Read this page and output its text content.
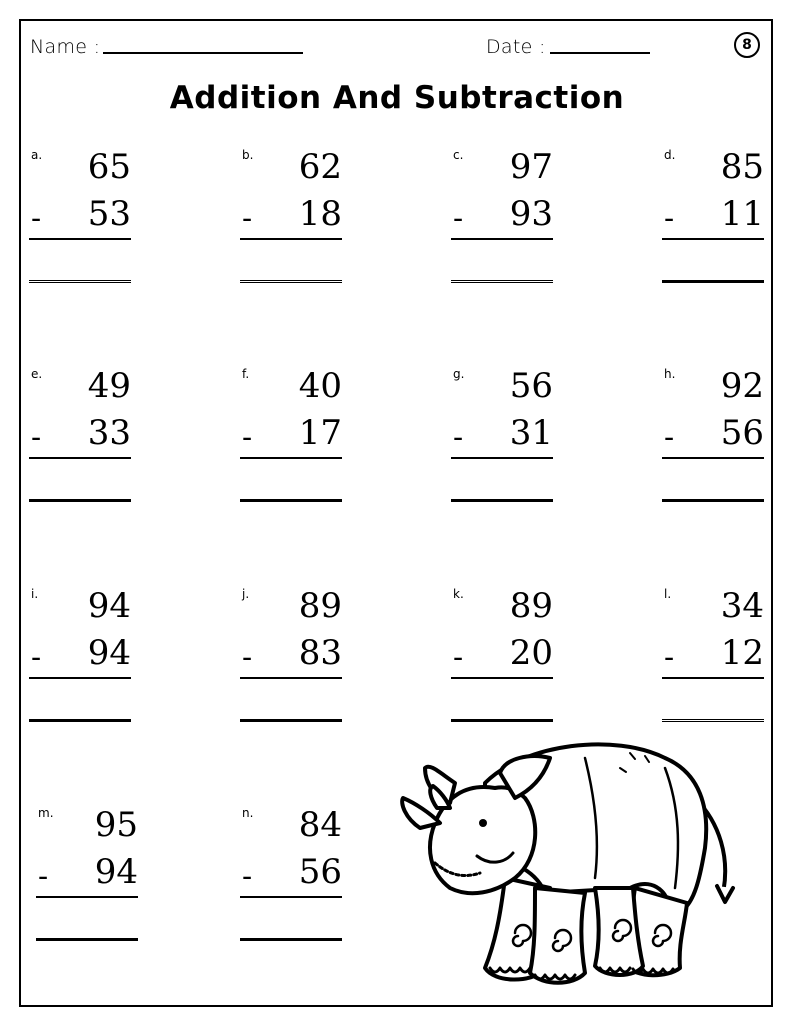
Name :	Date :	8
Addition And Subtraction
a. 65
- 53
b. 62
- 18
c. 97
- 93
d. 85
- 11
e. 49
- 33
f. 40
- 17
g. 56
- 31
h. 92
- 56
i. 94
- 94
j. 89
- 83
k. 89
- 20
l. 34
- 12
m. 95
- 94
n. 84
- 56
